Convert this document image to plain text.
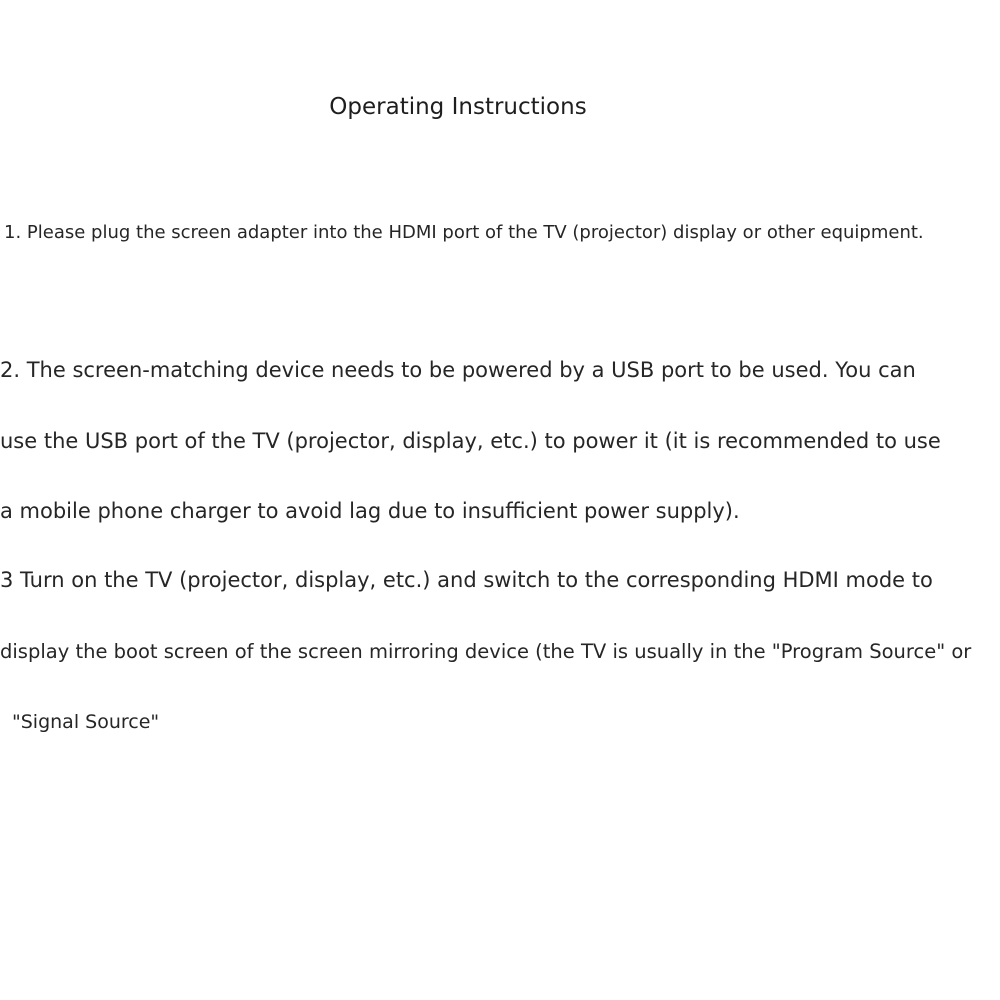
Operating Instructions
1. Please plug the screen adapter into the HDMI port of the TV (projector) display or other equipment.
2. The screen-matching device needs to be powered by a USB port to be used. You can
use the USB port of the TV (projector, display, etc.) to power it (it is recommended to use
a mobile phone charger to avoid lag due to insufficient power supply).
3 Turn on the TV (projector, display, etc.) and switch to the corresponding HDMI mode to
display the boot screen of the screen mirroring device (the TV is usually in the "Program Source" or
"Signal Source"
